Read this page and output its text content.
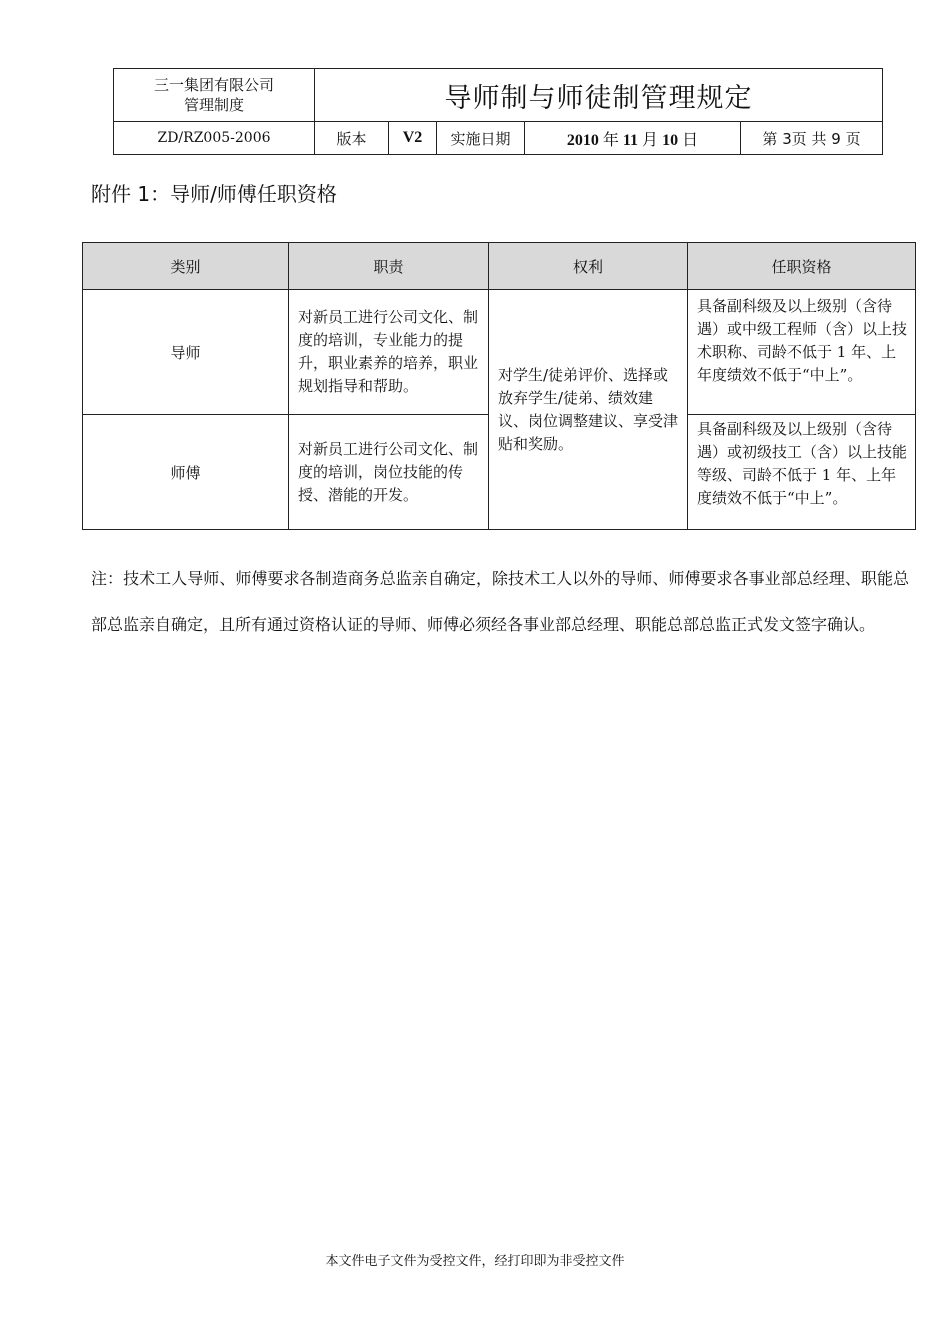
三一集团有限公司
管理制度	导师制与师徒制管理规定				
ZD/RZ005-2006	版本	V2	实施日期	2010 年 11 月 10 日	第 3页 共 9 页
附件 1：导师/师傅任职资格
类别	职责	权利	任职资格
导师	对新员工进行公司文化、制度的培训，专业能力的提升，职业素养的培养，职业规划指导和帮助。	对学生/徒弟评价、选择或放弃学生/徒弟、绩效建议、岗位调整建议、享受津贴和奖励。	具备副科级及以上级别（含待遇）或中级工程师（含）以上技术职称、司龄不低于 1 年、上年度绩效不低于“中上”。
师傅	对新员工进行公司文化、制度的培训，岗位技能的传授、潜能的开发。		具备副科级及以上级别（含待遇）或初级技工（含）以上技能等级、司龄不低于 1 年、上年度绩效不低于“中上”。
注：技术工人导师、师傅要求各制造商务总监亲自确定，除技术工人以外的导师、师傅要求各事业部总经理、职能总部总监亲自确定，且所有通过资格认证的导师、师傅必须经各事业部总经理、职能总部总监正式发文签字确认。
本文件电子文件为受控文件，经打印即为非受控文件
